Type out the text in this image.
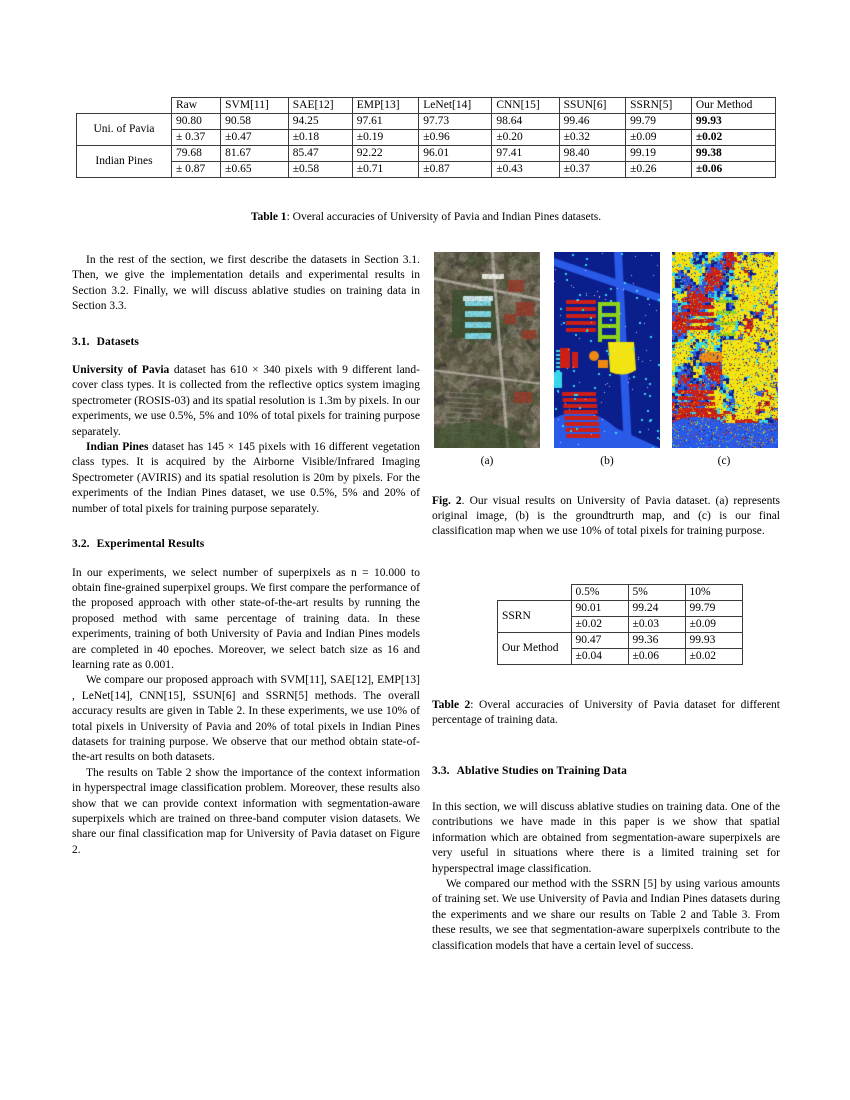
	Raw	SVM[11]	SAE[12]	EMP[13]	LeNet[14]	CNN[15]	SSUN[6]	SSRN[5]	Our Method
Uni. of Pavia	90.80	90.58	94.25	97.61	97.73	98.64	99.46	99.79	99.93
	± 0.37	±0.47	±0.18	±0.19	±0.96	±0.20	±0.32	±0.09	±0.02
Indian Pines	79.68	81.67	85.47	92.22	96.01	97.41	98.40	99.19	99.38
	± 0.87	±0.65	±0.58	±0.71	±0.87	±0.43	±0.37	±0.26	±0.06
Table 1: Overal accuracies of University of Pavia and Indian Pines datasets.

In the rest of the section, we first describe the datasets in Section 3.1. Then, we give the implementation details and experimental results in Section 3.2. Finally, we will discuss ablative studies on training data in Section 3.3.

3.1. Datasets

University of Pavia dataset has 610 × 340 pixels with 9 different land-cover class types. It is collected from the reflective optics system imaging spectrometer (ROSIS-03) and its spatial resolution is 1.3m by pixels. In our experiments, we use 0.5%, 5% and 10% of total pixels for training purpose separately.

Indian Pines dataset has 145 × 145 pixels with 16 different vegetation class types. It is acquired by the Airborne Visible/Infrared Imaging Spectrometer (AVIRIS) and its spatial resolution is 20m by pixels. For the experiments of the Indian Pines dataset, we use 0.5%, 5% and 20% of number of total pixels for training purpose separately.

3.2. Experimental Results

In our experiments, we select number of superpixels as n = 10.000 to obtain fine-grained superpixel groups. We first compare the performance of the proposed approach with other state-of-the-art results by running the proposed method with same percentage of training data. In these experiments, training of both University of Pavia and Indian Pines models are completed in 40 epoches. Moreover, we select batch size as 16 and learning rate as 0.001.

We compare our proposed approach with SVM[11], SAE[12], EMP[13] , LeNet[14], CNN[15], SSUN[6] and SSRN[5] methods. The overall accuracy results are given in Table 2. In these experiments, we use 10% of total pixels in University of Pavia and 20% of total pixels in Indian Pines datasets for training purpose. We observe that our method obtain state-of-the-art results on both datasets.

The results on Table 2 show the importance of the context information in hyperspectral image classification problem. Moreover, these results also show that we can provide context information with segmentation-aware superpixels which are trained on three-band computer vision datasets. We share our final classification map for University of Pavia dataset on Figure 2.

(a)	(b)	(c)
Fig. 2. Our visual results on University of Pavia dataset. (a) represents original image, (b) is the groundtrurth map, and (c) is our final classification map when we use 10% of total pixels for training purpose.
	0.5%	5%	10%
SSRN	90.01	99.24	99.79
	±0.02	±0.03	±0.09
Our Method	90.47	99.36	99.93
	±0.04	±0.06	±0.02
Table 2: Overal accuracies of University of Pavia dataset for different percentage of training data.
3.3. Ablative Studies on Training Data

In this section, we will discuss ablative studies on training data. One of the contributions we have made in this paper is we show that spatial information which are obtained from segmentation-aware superpixels are very useful in situations where there is a limited training set for hyperspectral image classification.

We compared our method with the SSRN [5] by using various amounts of training set. We use University of Pavia and Indian Pines datasets during the experiments and we share our results on Table 2 and Table 3. From these results, we see that segmentation-aware superpixels contribute to the classification models that have a certain level of success.
